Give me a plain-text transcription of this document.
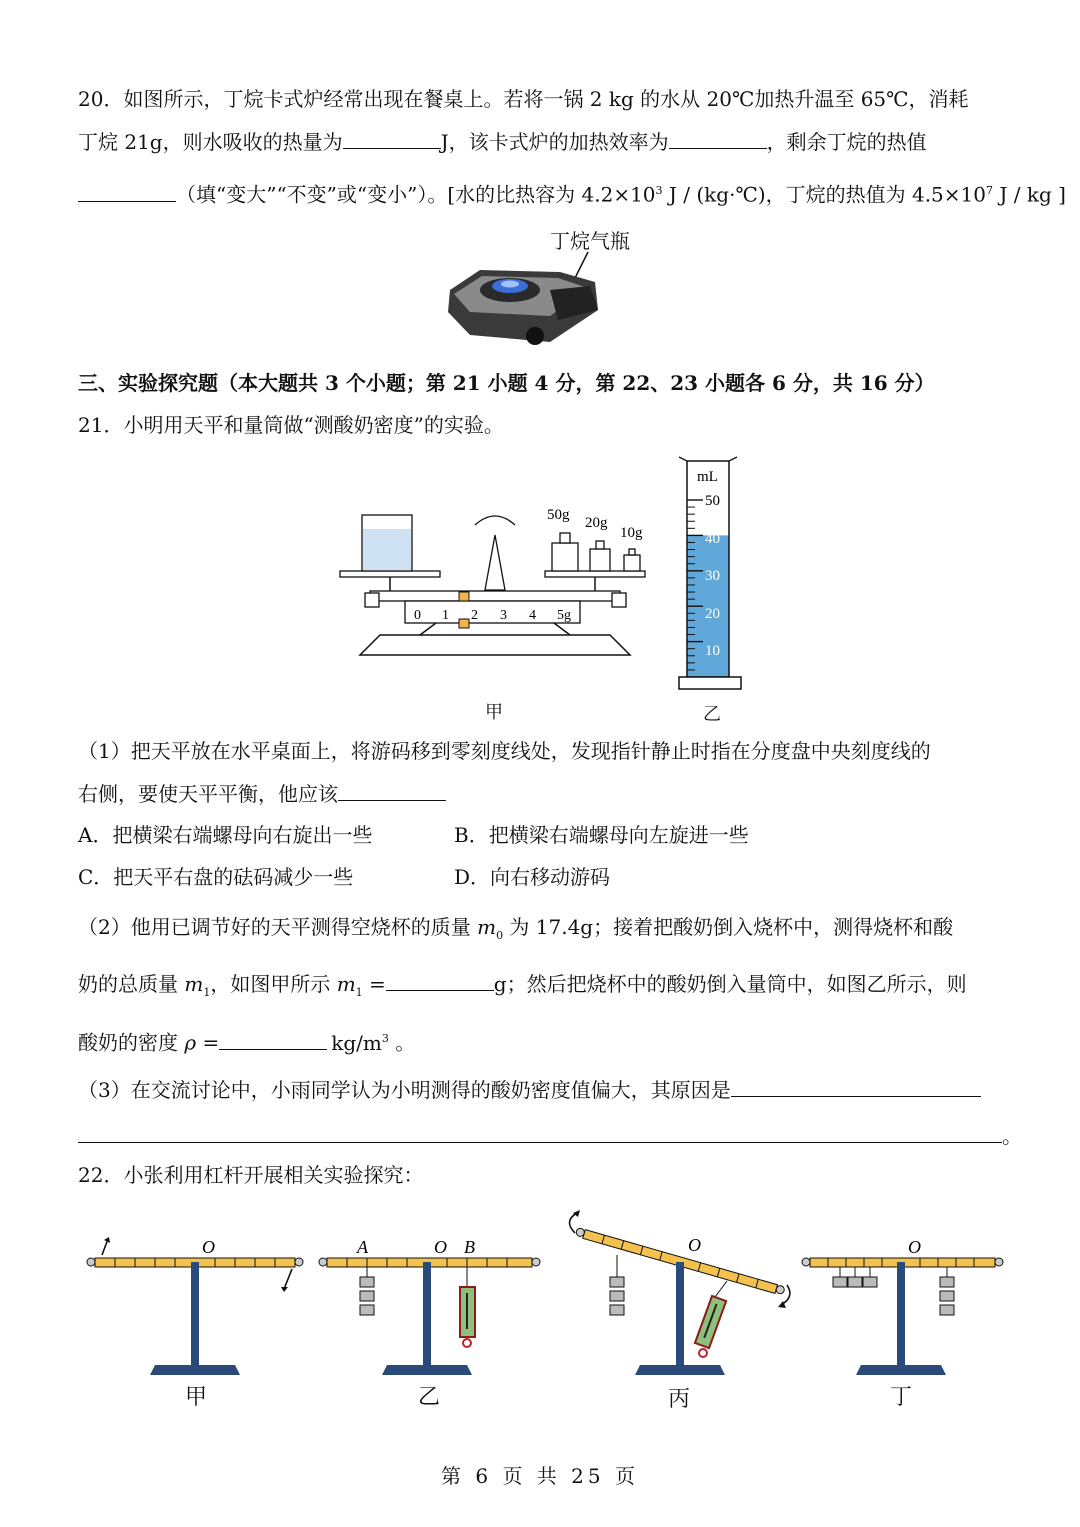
20．如图所示，丁烷卡式炉经常出现在餐桌上。若将一锅 2 kg 的水从 20℃加热升温至 65℃，消耗
丁烷 21g，则水吸收的热量为	J，该卡式炉的加热效率为	，剩余丁烷的热值
（填“变大”“不变”或“变小”）。[水的比热容为 $4.2\times 10^3$ J / (kg·℃)，丁烷的热值为 $4.5\times 10^7$ J / kg ]
丁烷气瓶
三、实验探究题（本大题共 3 个小题；第 21 小题 4 分，第 22、23 小题各 6 分，共 16 分）
21．小明用天平和量筒做“测酸奶密度”的实验。
0 1 2 3 4 5g
50g 20g
10g
mL
50
40
30
20
10
甲	乙
（1）把天平放在水平桌面上，将游码移到零刻度线处，发现指针静止时指在分度盘中央刻度线的
右侧，要使天平平衡，他应该
A．把横梁右端螺母向右旋出一些	B．把横梁右端螺母向左旋进一些
C．把天平右盘的砝码减少一些	D．向右移动游码
（2）他用已调节好的天平测得空烧杯的质量 $m_0$ 为 17.4g；接着把酸奶倒入烧杯中，测得烧杯和酸
奶的总质量 $m_1$，如图甲所示 $m_1$ =	g；然后把烧杯中的酸奶倒入量筒中，如图乙所示，则
酸奶的密度 ρ =	$kg/m^3$ 。
（3）在交流讨论中，小雨同学认为小明测得的酸奶密度值偏大，其原因是
。
22．小张利用杠杆开展相关实验探究：
O
甲
A	O B
乙
O
丙
O
丁
第 6 页 共 25 页
